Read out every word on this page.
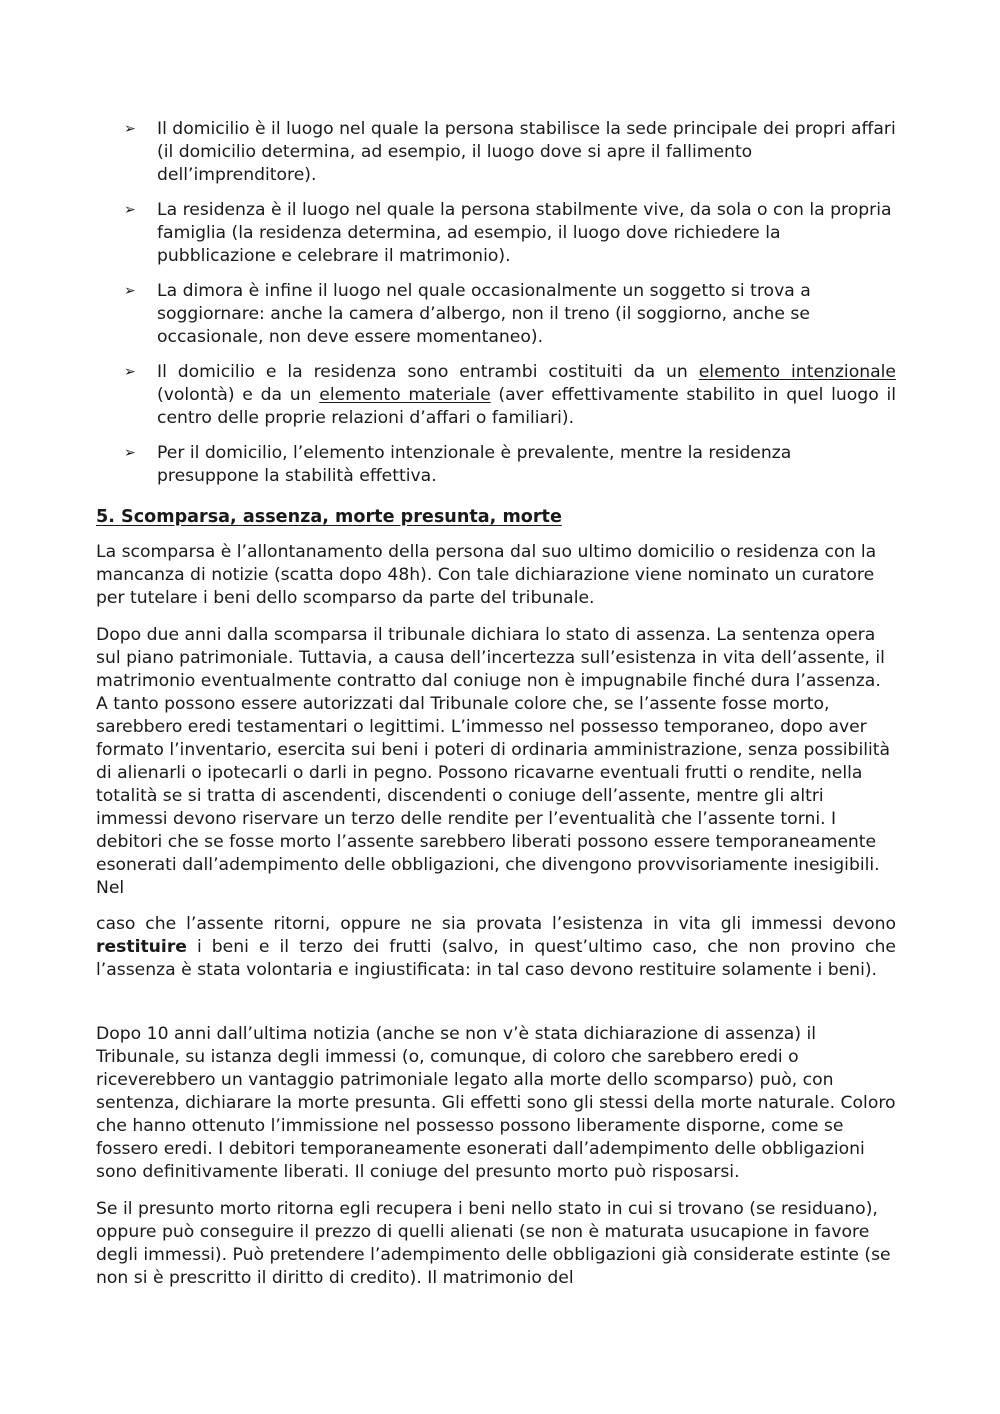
➢ Il domicilio è il luogo nel quale la persona stabilisce la sede principale dei propri affari (il domicilio determina, ad esempio, il luogo dove si apre il fallimento dell’imprenditore).
➢ La residenza è il luogo nel quale la persona stabilmente vive, da sola o con la propria famiglia (la residenza determina, ad esempio, il luogo dove richiedere la pubblicazione e celebrare il matrimonio).
➢ La dimora è infine il luogo nel quale occasionalmente un soggetto si trova a soggiornare: anche la camera d’albergo, non il treno (il soggiorno, anche se occasionale, non deve essere momentaneo).
➢ Il domicilio e la residenza sono entrambi costituiti da un elemento intenzionale (volontà) e da un elemento materiale (aver effettivamente stabilito in quel luogo il centro delle proprie relazioni d’affari o familiari).
➢ Per il domicilio, l’elemento intenzionale è prevalente, mentre la residenza presuppone la stabilità effettiva.
5. Scomparsa, assenza, morte presunta, morte

La scomparsa è l’allontanamento della persona dal suo ultimo domicilio o residenza con la mancanza di notizie (scatta dopo 48h). Con tale dichiarazione viene nominato un curatore per tutelare i beni dello scomparso da parte del tribunale.

Dopo due anni dalla scomparsa il tribunale dichiara lo stato di assenza. La sentenza opera sul piano patrimoniale. Tuttavia, a causa dell’incertezza sull’esistenza in vita dell’assente, il matrimonio eventualmente contratto dal coniuge non è impugnabile finché dura l’assenza. A tanto possono essere autorizzati dal Tribunale colore che, se l’assente fosse morto, sarebbero eredi testamentari o legittimi. L’immesso nel possesso temporaneo, dopo aver formato l’inventario, esercita sui beni i poteri di ordinaria amministrazione, senza possibilità di alienarli o ipotecarli o darli in pegno. Possono ricavarne eventuali frutti o rendite, nella totalità se si tratta di ascendenti, discendenti o coniuge dell’assente, mentre gli altri immessi devono riservare un terzo delle rendite per l’eventualità che l’assente torni. I debitori che se fosse morto l’assente sarebbero liberati possono essere temporaneamente esonerati dall’adempimento delle obbligazioni, che divengono provvisoriamente inesigibili. Nel

caso che l’assente ritorni, oppure ne sia provata l’esistenza in vita gli immessi devono restituire i beni e il terzo dei frutti (salvo, in quest’ultimo caso, che non provino che l’assenza è stata volontaria e ingiustificata: in tal caso devono restituire solamente i beni).

Dopo 10 anni dall’ultima notizia (anche se non v’è stata dichiarazione di assenza) il Tribunale, su istanza degli immessi (o, comunque, di coloro che sarebbero eredi o riceverebbero un vantaggio patrimoniale legato alla morte dello scomparso) può, con sentenza, dichiarare la morte presunta. Gli effetti sono gli stessi della morte naturale. Coloro che hanno ottenuto l’immissione nel possesso possono liberamente disporne, come se fossero eredi. I debitori temporaneamente esonerati dall’adempimento delle obbligazioni sono definitivamente liberati. Il coniuge del presunto morto può risposarsi.

Se il presunto morto ritorna egli recupera i beni nello stato in cui si trovano (se residuano), oppure può conseguire il prezzo di quelli alienati (se non è maturata usucapione in favore degli immessi). Può pretendere l’adempimento delle obbligazioni già considerate estinte (se non si è prescritto il diritto di credito). Il matrimonio del
